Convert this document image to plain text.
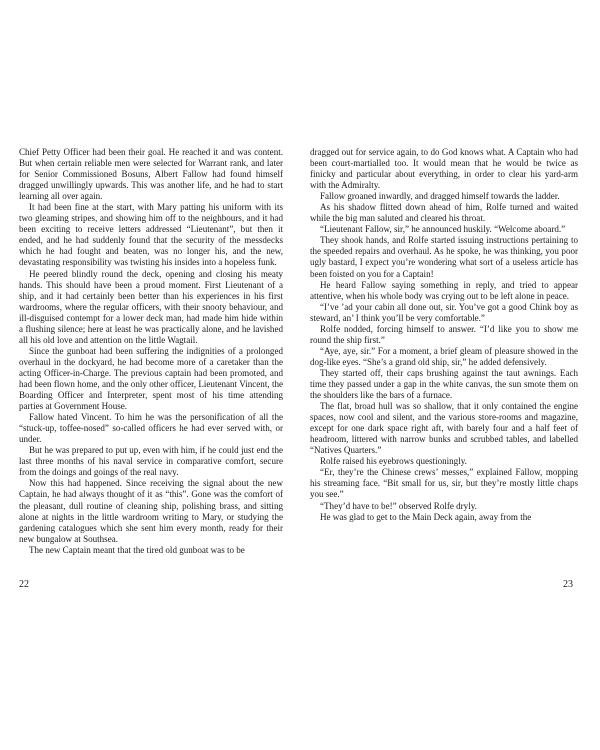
Chief Petty Officer had been their goal. He reached it and was content. But when certain reliable men were selected for Warrant rank, and later for Senior Commissioned Bosuns, Albert Fallow had found himself dragged unwillingly upwards. This was another life, and he had to start learning all over again.

It had been fine at the start, with Mary patting his uniform with its two gleaming stripes, and showing him off to the neighbours, and it had been exciting to receive letters addressed “Lieutenant”, but then it ended, and he had suddenly found that the security of the messdecks which he had fought and beaten, was no longer his, and the new, devastating responsibility was twisting his insides into a hopeless funk.

He peered blindly round the deck, opening and closing his meaty hands. This should have been a proud moment. First Lieutenant of a ship, and it had certainly been better than his experiences in his first wardrooms, where the regular officers, with their snooty behaviour, and ill-disguised contempt for a lower deck man, had made him hide within a flushing silence; here at least he was practically alone, and he lavished all his old love and attention on the little Wagtail.

Since the gunboat had been suffering the indignities of a prolonged overhaul in the dockyard, he had become more of a caretaker than the acting Officer-in-Charge. The previous captain had been promoted, and had been flown home, and the only other officer, Lieutenant Vincent, the Boarding Officer and Interpreter, spent most of his time attending parties at Government House.

Fallow hated Vincent. To him he was the personification of all the “stuck-up, toffee-nosed” so-called officers he had ever served with, or under.

But he was prepared to put up, even with him, if he could just end the last three months of his naval service in comparative comfort, secure from the doings and goings of the real navy.

Now this had happened. Since receiving the signal about the new Captain, he had always thought of it as “this”. Gone was the comfort of the pleasant, dull routine of cleaning ship, polishing brass, and sitting alone at nights in the little wardroom writing to Mary, or studying the gardening catalogues which she sent him every month, ready for their new bungalow at Southsea.

The new Captain meant that the tired old gunboat was to be

22

dragged out for service again, to do God knows what. A Captain who had been court-martialled too. It would mean that he would be twice as finicky and particular about everything, in order to clear his yard-arm with the Admiralty.

Fallow groaned inwardly, and dragged himself towards the ladder.

As his shadow flitted down ahead of him, Rolfe turned and waited while the big man saluted and cleared his throat.

“Lieutenant Fallow, sir,” he announced huskily. “Welcome aboard.”

They shook hands, and Rolfe started issuing instructions pertaining to the speeded repairs and overhaul. As he spoke, he was thinking, you poor ugly bastard, I expect you’re wondering what sort of a useless article has been foisted on you for a Captain!

He heard Fallow saying something in reply, and tried to appear attentive, when his whole body was crying out to be left alone in peace.

“I’ve ’ad your cabin all done out, sir. You’ve got a good Chink boy as steward, an’ I think you’ll be very comfortable.”

Rolfe nodded, forcing himself to answer. “I’d like you to show me round the ship first.”

“Aye, aye, sir.” For a moment, a brief gleam of pleasure showed in the dog-like eyes. “She’s a grand old ship, sir,” he added defensively.

They started off, their caps brushing against the taut awnings. Each time they passed under a gap in the white canvas, the sun smote them on the shoulders like the bars of a furnace.

The flat, broad hull was so shallow, that it only contained the engine spaces, now cool and silent, and the various store-rooms and magazine, except for one dark space right aft, with barely four and a half feet of headroom, littered with narrow bunks and scrubbed tables, and labelled “Natives Quarters.”

Rolfe raised his eyebrows questioningly.

“Er, they’re the Chinese crews’ messes,” explained Fallow, mopping his streaming face. “Bit small for us, sir, but they’re mostly little chaps you see.”

“They’d have to be!” observed Rolfe dryly.

He was glad to get to the Main Deck again, away from the

23
